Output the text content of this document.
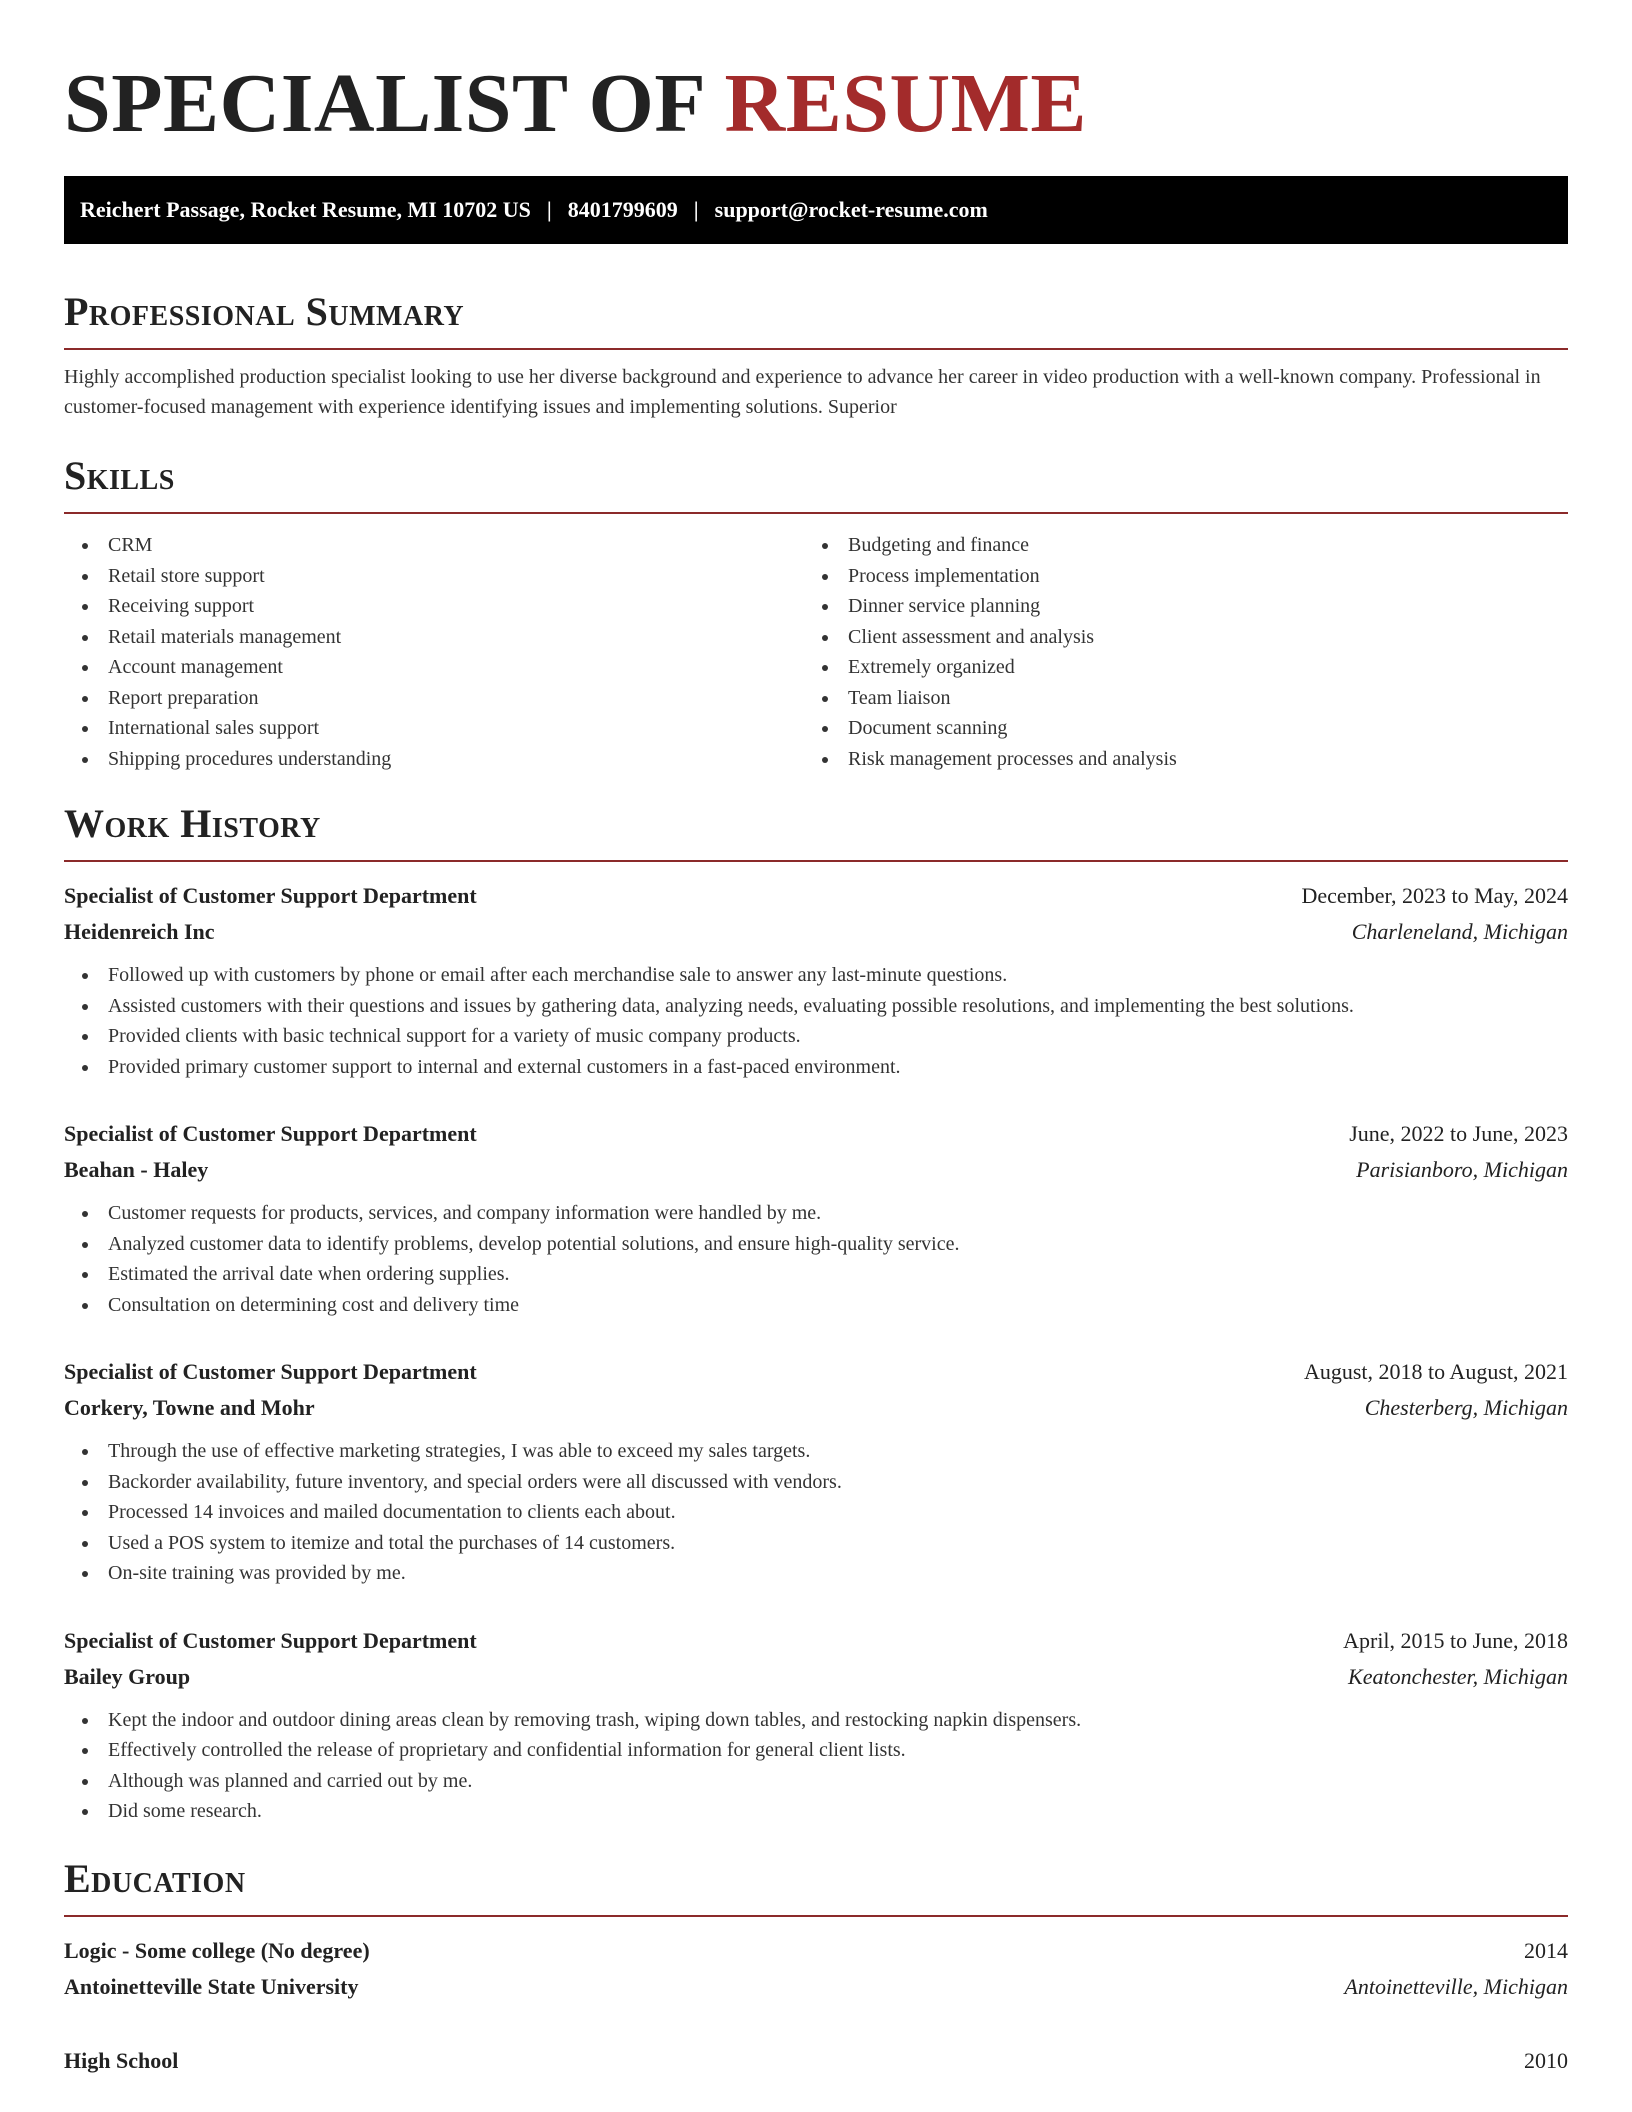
SPECIALIST OF RESUME
Reichert Passage, Rocket Resume, MI 10702 US | 8401799609 | support@rocket-resume.com
Professional Summary
Highly accomplished production specialist looking to use her diverse background and experience to advance her career in video production with a well-known company. Professional in customer-focused management with experience identifying issues and implementing solutions. Superior
Skills
CRM
Retail store support
Receiving support
Retail materials management
Account management
Report preparation
International sales support
Shipping procedures understanding
Budgeting and finance
Process implementation
Dinner service planning
Client assessment and analysis
Extremely organized
Team liaison
Document scanning
Risk management processes and analysis
Work History
Specialist of Customer Support Department	December, 2023 to May, 2024
Heidenreich Inc	Charleneland, Michigan
Followed up with customers by phone or email after each merchandise sale to answer any last-minute questions.
Assisted customers with their questions and issues by gathering data, analyzing needs, evaluating possible resolutions, and implementing the best solutions.
Provided clients with basic technical support for a variety of music company products.
Provided primary customer support to internal and external customers in a fast-paced environment.
Specialist of Customer Support Department	June, 2022 to June, 2023
Beahan - Haley	Parisianboro, Michigan
Customer requests for products, services, and company information were handled by me.
Analyzed customer data to identify problems, develop potential solutions, and ensure high-quality service.
Estimated the arrival date when ordering supplies.
Consultation on determining cost and delivery time
Specialist of Customer Support Department	August, 2018 to August, 2021
Corkery, Towne and Mohr	Chesterberg, Michigan
Through the use of effective marketing strategies, I was able to exceed my sales targets.
Backorder availability, future inventory, and special orders were all discussed with vendors.
Processed 14 invoices and mailed documentation to clients each about.
Used a POS system to itemize and total the purchases of 14 customers.
On-site training was provided by me.
Specialist of Customer Support Department	April, 2015 to June, 2018
Bailey Group	Keatonchester, Michigan
Kept the indoor and outdoor dining areas clean by removing trash, wiping down tables, and restocking napkin dispensers.
Effectively controlled the release of proprietary and confidential information for general client lists.
Although was planned and carried out by me.
Did some research.
Education
Logic - Some college (No degree)	2014
Antoinetteville State University	Antoinetteville, Michigan
High School	2010
